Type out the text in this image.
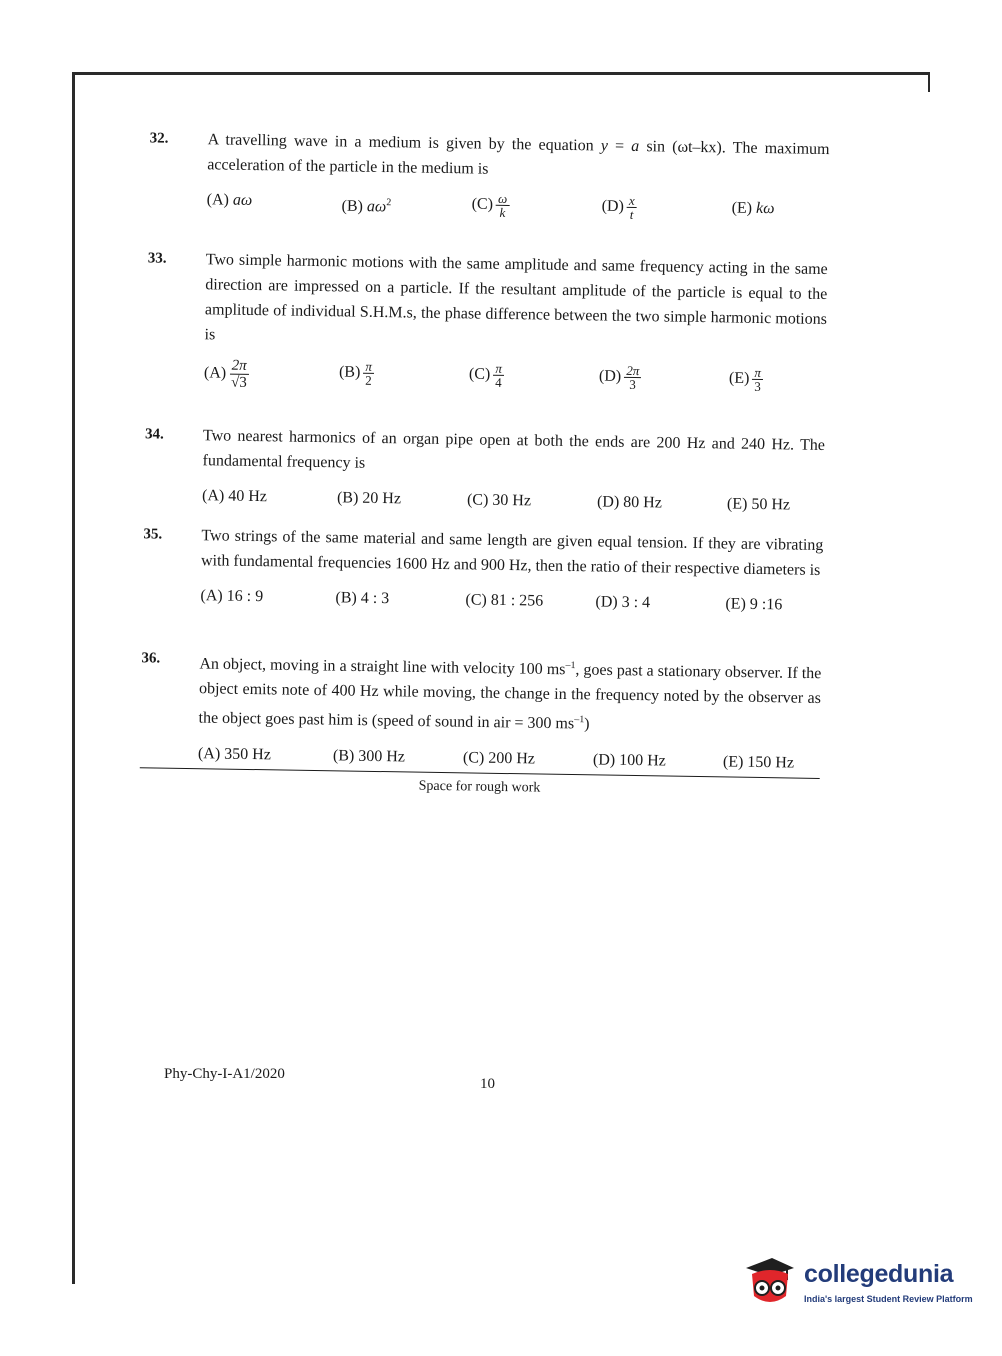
32. A travelling wave in a medium is given by the equation y = a sin (ωt–kx). The maximum acceleration of the particle in the medium is
(A) aω	(B) $a\omega^2$	$(C) \frac{\omega}{k}$	$(D) \frac{x}{t}$	(E) kω
33. Two simple harmonic motions with the same amplitude and same frequency acting in the same direction are impressed on a particle. If the resultant amplitude of the particle is equal to the amplitude of individual S.H.M.s, the phase difference between the two simple harmonic motions is
$(A) \frac{2\pi}{√3}$	$(B) \frac{\pi}{2}$	$(C) \frac{\pi}{4}$	$(D) \frac{2\pi}{3}$	$(E) \frac{\pi}{3}$
34. Two nearest harmonics of an organ pipe open at both the ends are 200 Hz and 240 Hz. The fundamental frequency is
(A) 40 Hz	(B) 20 Hz	(C) 30 Hz	(D) 80 Hz	(E) 50 Hz
35. Two strings of the same material and same length are given equal tension. If they are vibrating with fundamental frequencies 1600 Hz and 900 Hz, then the ratio of their respective diameters is
(A) 16 : 9	(B) 4 : 3	(C) 81 : 256	(D) 3 : 4	(E) 9 :16
36. An object, moving in a straight line with velocity 100 $ms^{-1}$, goes past a stationary observer. If the object emits note of 400 Hz while moving, the change in the frequency noted by the observer as the object goes past him is (speed of sound in air = 300 $ms^{-1}$)
(A) 350 Hz	(B) 300 Hz	(C) 200 Hz	(D) 100 Hz	(E) 150 Hz
Space for rough work
Phy-Chy-I-A1/2020
10
collegedunia
India's largest Student Review Platform
